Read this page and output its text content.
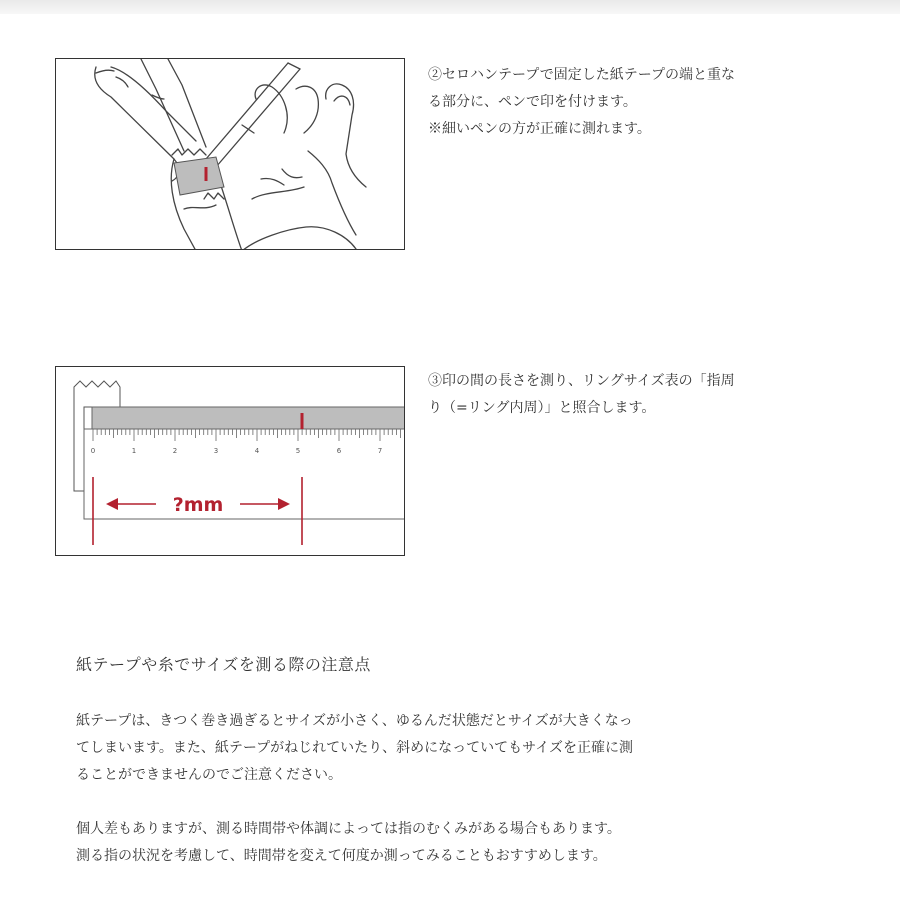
②セロハンテープで固定した紙テープの端と重な

る部分に、ペンで印を付けます。

※細いペンの方が正確に測れます。

0	1	2	3	4	5	6	7
?mm

③印の間の長さを測り、リングサイズ表の「指周

り（=リング内周）」と照合します。

紙テープや糸でサイズを測る際の注意点

紙テープは、きつく巻き過ぎるとサイズが小さく、ゆるんだ状態だとサイズが大きくなっ

てしまいます。また、紙テープがねじれていたり、斜めになっていてもサイズを正確に測

ることができませんのでご注意ください。

個人差もありますが、測る時間帯や体調によっては指のむくみがある場合もあります。

測る指の状況を考慮して、時間帯を変えて何度か測ってみることもおすすめします。
